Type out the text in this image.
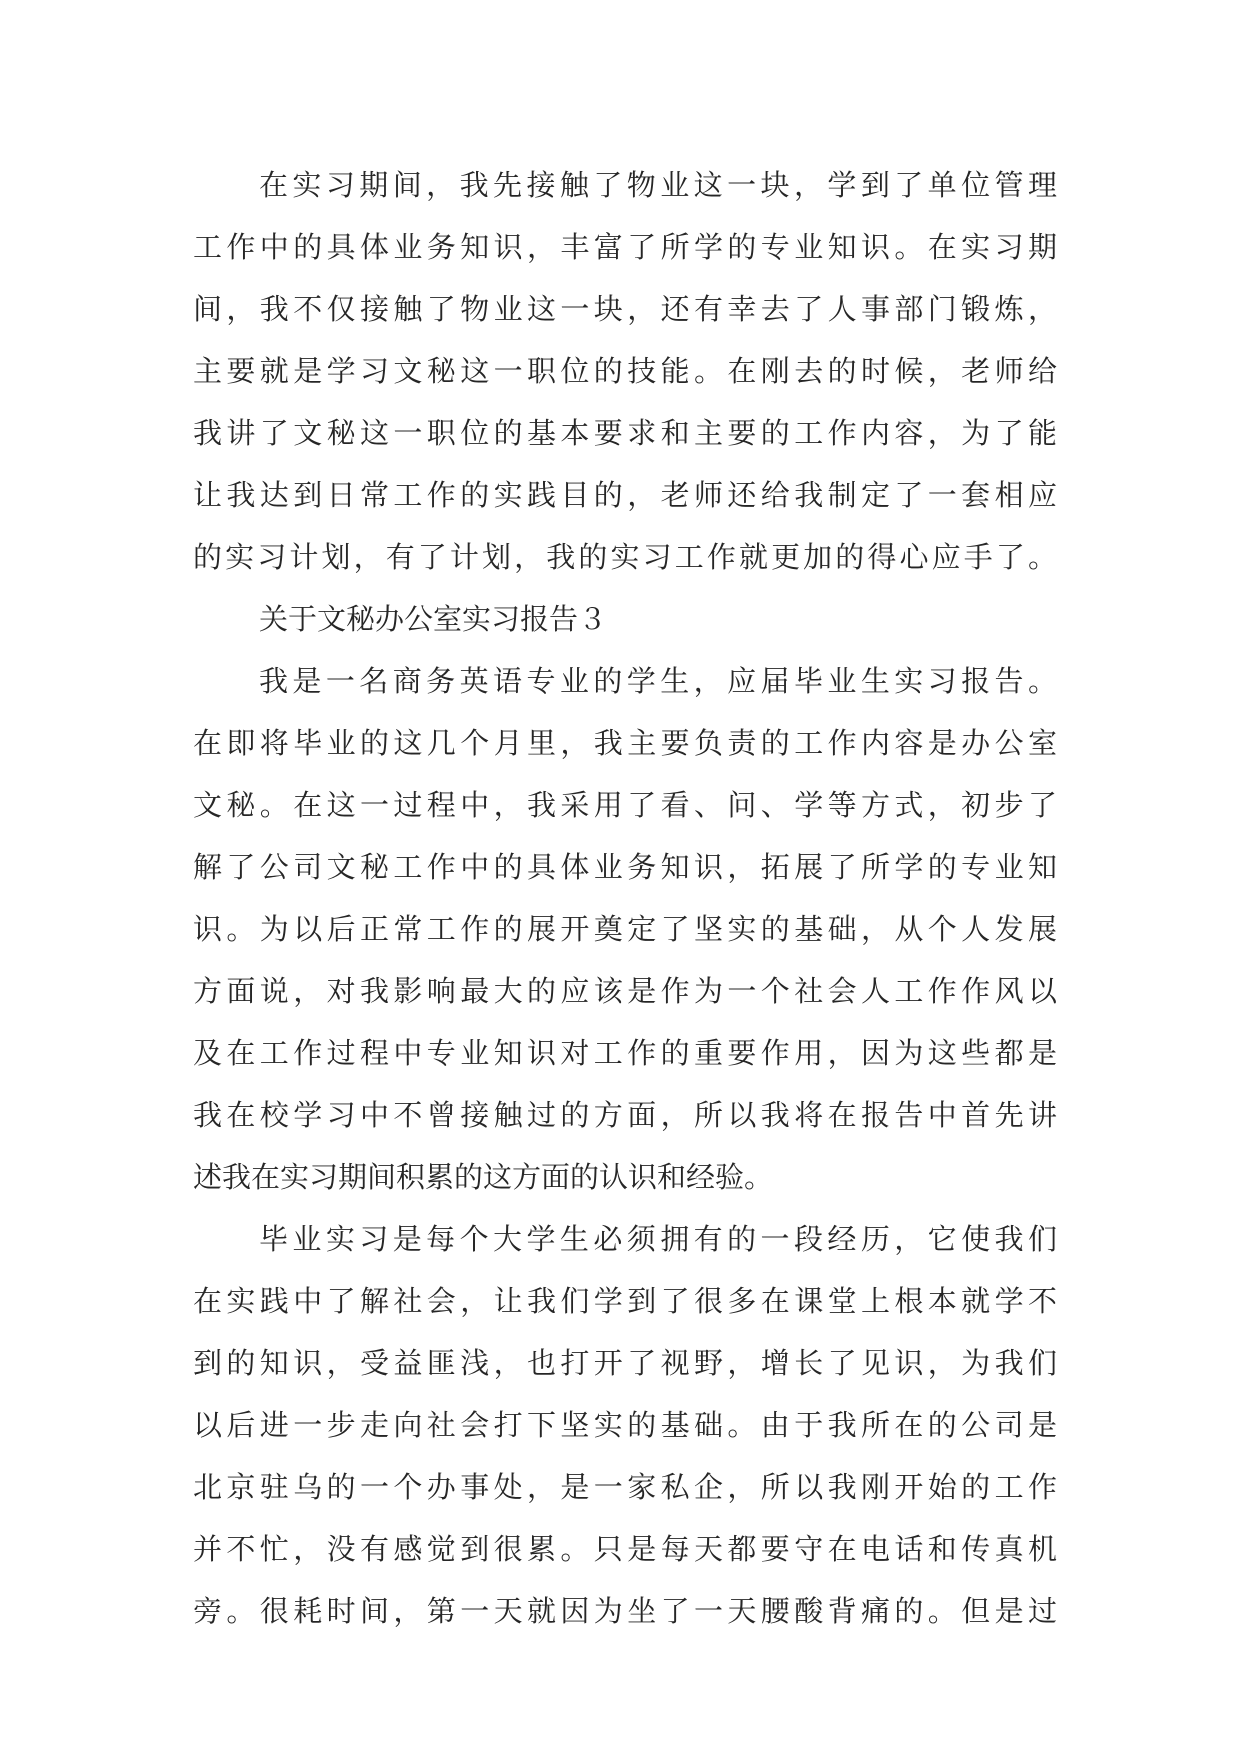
在实习期间，我先接触了物业这一块，学到了单位管理
工作中的具体业务知识，丰富了所学的专业知识。在实习期
间，我不仅接触了物业这一块，还有幸去了人事部门锻炼，
主要就是学习文秘这一职位的技能。在刚去的时候，老师给
我讲了文秘这一职位的基本要求和主要的工作内容，为了能
让我达到日常工作的实践目的，老师还给我制定了一套相应
的实习计划，有了计划，我的实习工作就更加的得心应手了。
关于文秘办公室实习报告３
我是一名商务英语专业的学生，应届毕业生实习报告。
在即将毕业的这几个月里，我主要负责的工作内容是办公室
文秘。在这一过程中，我采用了看、问、学等方式，初步了
解了公司文秘工作中的具体业务知识，拓展了所学的专业知
识。为以后正常工作的展开奠定了坚实的基础，从个人发展
方面说，对我影响最大的应该是作为一个社会人工作作风以
及在工作过程中专业知识对工作的重要作用，因为这些都是
我在校学习中不曾接触过的方面，所以我将在报告中首先讲
述我在实习期间积累的这方面的认识和经验。
毕业实习是每个大学生必须拥有的一段经历，它使我们
在实践中了解社会，让我们学到了很多在课堂上根本就学不
到的知识，受益匪浅，也打开了视野，增长了见识，为我们
以后进一步走向社会打下坚实的基础。由于我所在的公司是
北京驻乌的一个办事处，是一家私企，所以我刚开始的工作
并不忙，没有感觉到很累。只是每天都要守在电话和传真机
旁。很耗时间，第一天就因为坐了一天腰酸背痛的。但是过
